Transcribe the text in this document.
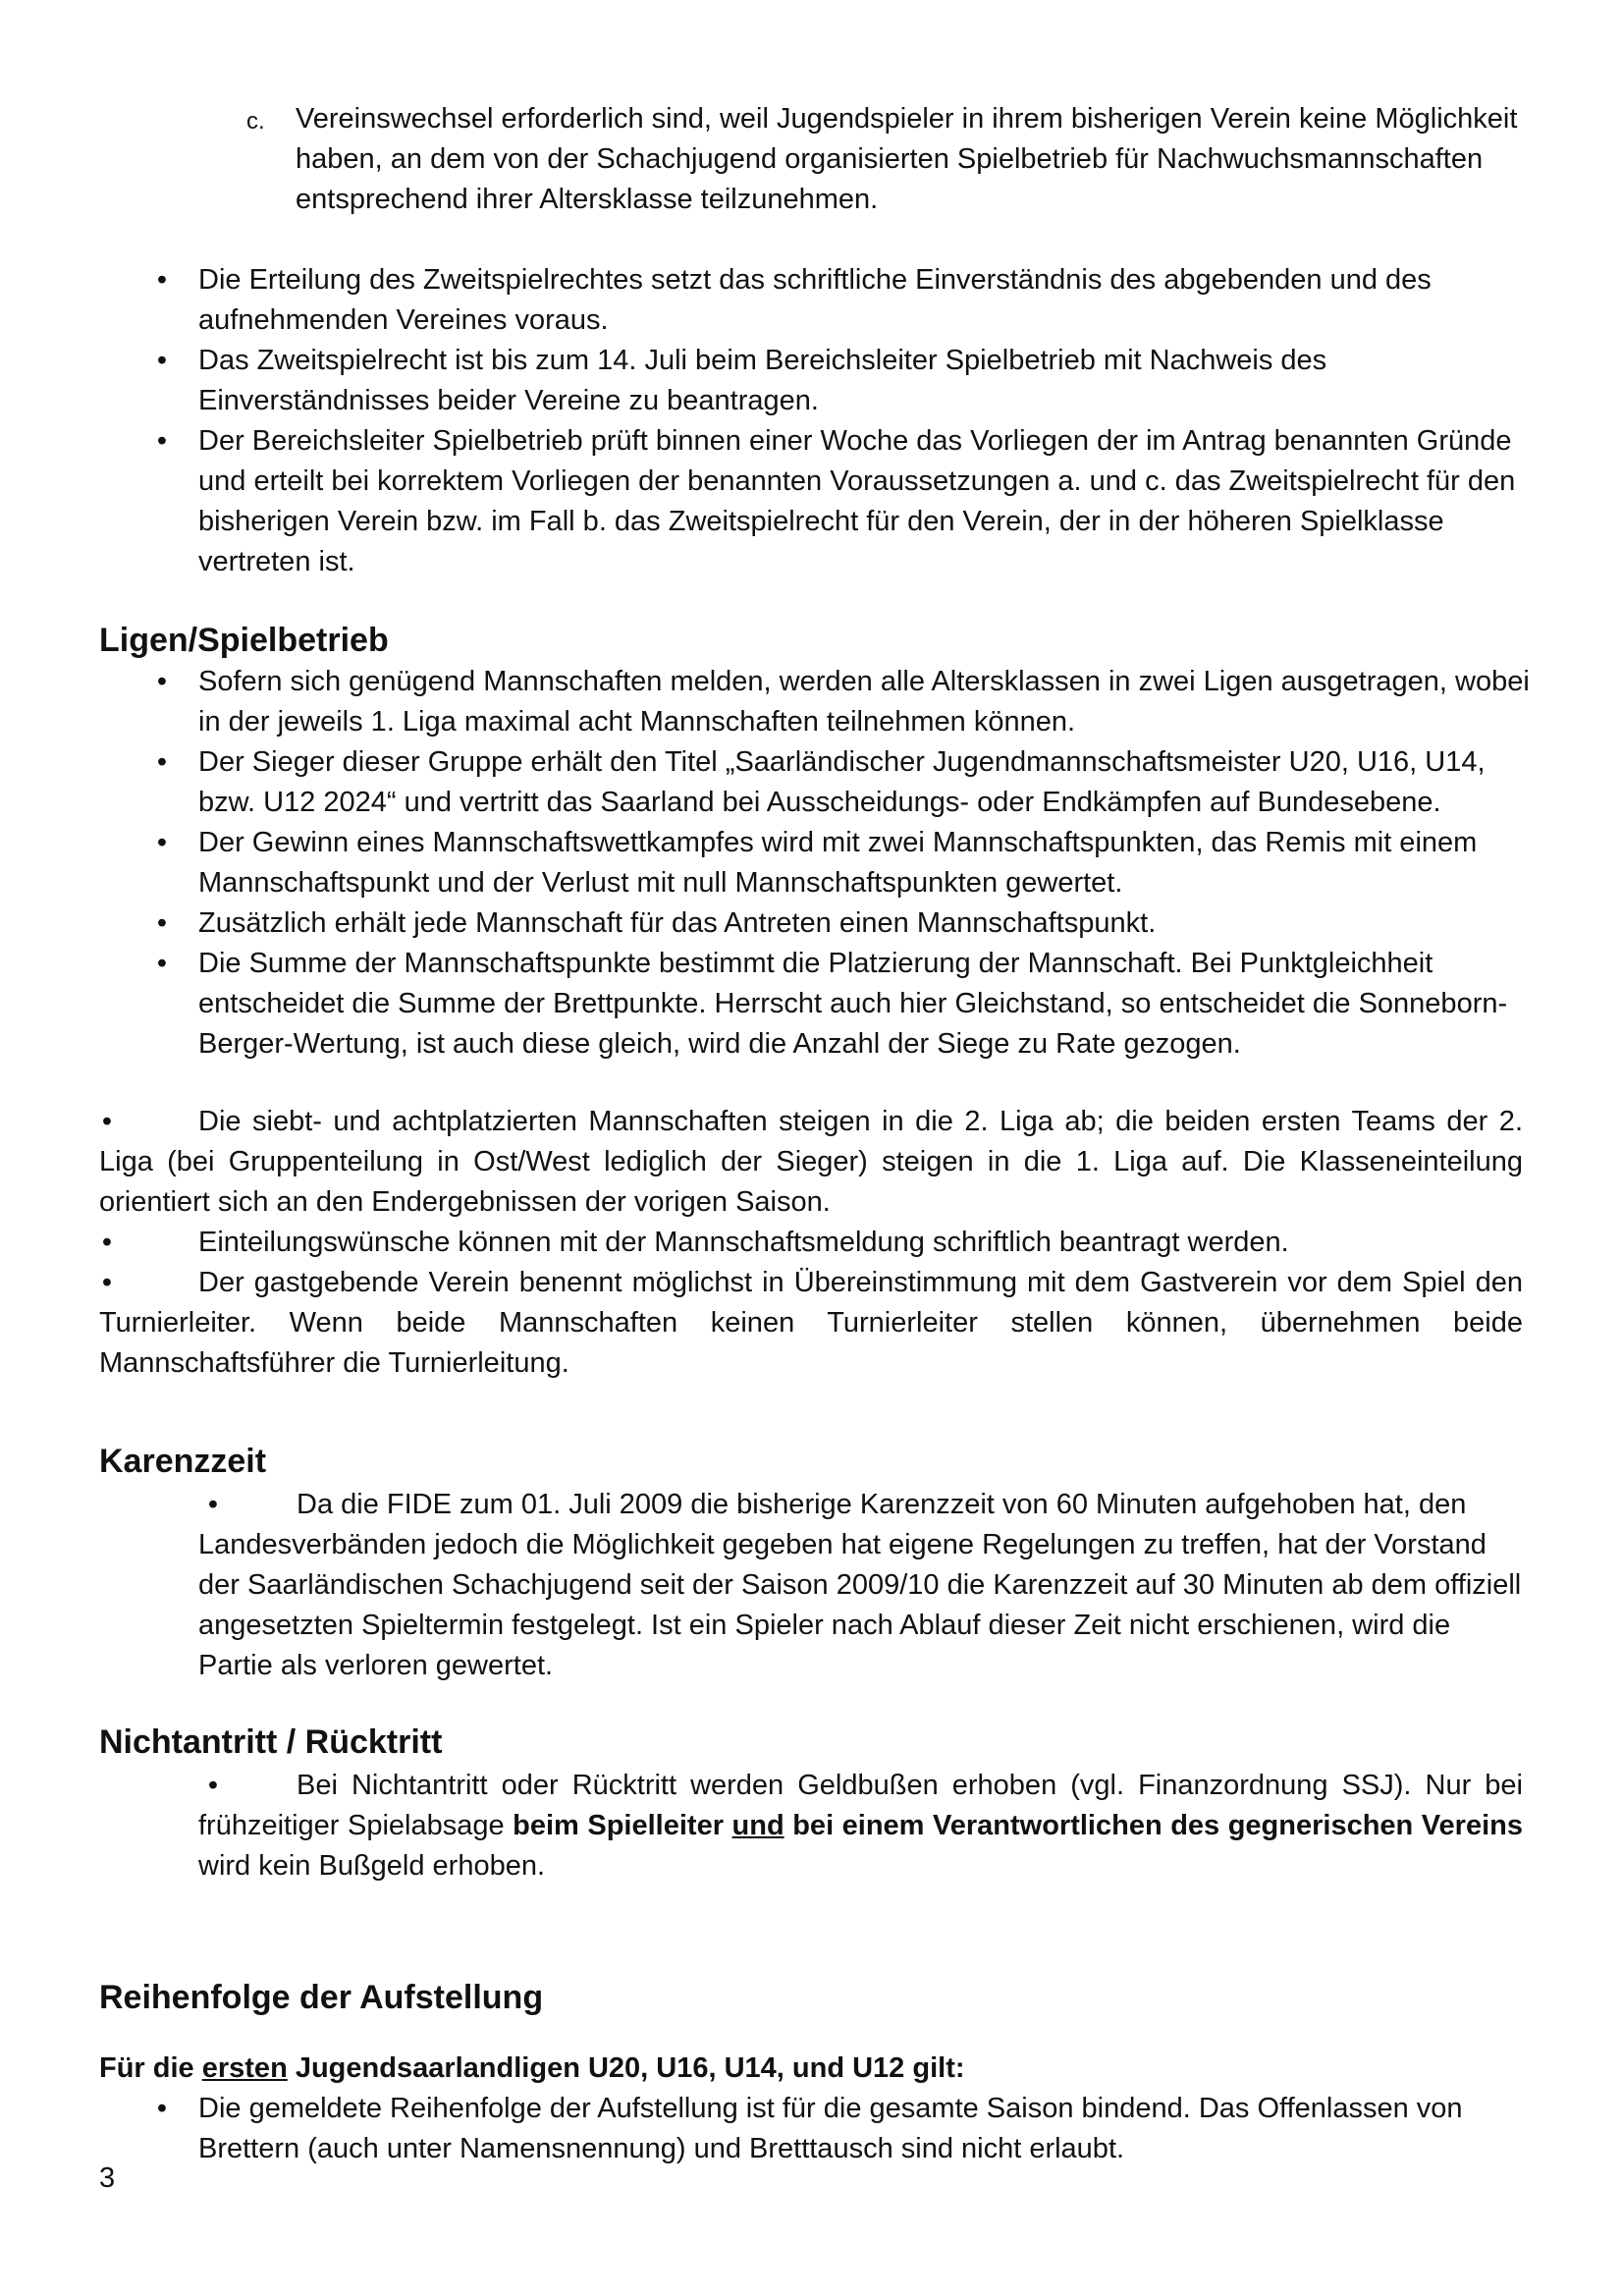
c. Vereinswechsel erforderlich sind, weil Jugendspieler in ihrem bisherigen Verein keine Möglichkeit haben, an dem von der Schachjugend organisierten Spielbetrieb für Nachwuchsmannschaften entsprechend ihrer Altersklasse teilzunehmen.
•	Die Erteilung des Zweitspielrechtes setzt das schriftliche Einverständnis des abgebenden und des aufnehmenden Vereines voraus.
•	Das Zweitspielrecht ist bis zum 14. Juli beim Bereichsleiter Spielbetrieb mit Nachweis des Einverständnisses beider Vereine zu beantragen.
•	Der Bereichsleiter Spielbetrieb prüft binnen einer Woche das Vorliegen der im Antrag benannten Gründe und erteilt bei korrektem Vorliegen der benannten Voraussetzungen a. und c. das Zweitspielrecht für den bisherigen Verein bzw. im Fall b. das Zweitspielrecht für den Verein, der in der höheren Spielklasse vertreten ist.
Ligen/Spielbetrieb
•	Sofern sich genügend Mannschaften melden, werden alle Altersklassen in zwei Ligen ausgetragen, wobei in der jeweils 1. Liga maximal acht Mannschaften teilnehmen können.
•	Der Sieger dieser Gruppe erhält den Titel „Saarländischer Jugendmannschaftsmeister U20, U16, U14, bzw. U12 2024“ und vertritt das Saarland bei Ausscheidungs- oder Endkämpfen auf Bundesebene.
•	Der Gewinn eines Mannschaftswettkampfes wird mit zwei Mannschaftspunkten, das Remis mit einem Mannschaftspunkt und der Verlust mit null Mannschaftspunkten gewertet.
•	Zusätzlich erhält jede Mannschaft für das Antreten einen Mannschaftspunkt.
•	Die Summe der Mannschaftspunkte bestimmt die Platzierung der Mannschaft. Bei Punktgleichheit entscheidet die Summe der Brettpunkte. Herrscht auch hier Gleichstand, so entscheidet die Sonneborn-Berger-Wertung, ist auch diese gleich, wird die Anzahl der Siege zu Rate gezogen.

•	Die siebt- und achtplatzierten Mannschaften steigen in die 2. Liga ab; die beiden ersten Teams der 2. Liga (bei Gruppenteilung in Ost/West lediglich der Sieger) steigen in die 1. Liga auf. Die Klasseneinteilung orientiert sich an den Endergebnissen der vorigen Saison.

•	Einteilungswünsche können mit der Mannschaftsmeldung schriftlich beantragt werden.

•	Der gastgebende Verein benennt möglichst in Übereinstimmung mit dem Gastverein vor dem Spiel den Turnierleiter. Wenn beide Mannschaften keinen Turnierleiter stellen können, übernehmen beide Mannschaftsführer die Turnierleitung.

Karenzzeit

•	Da die FIDE zum 01. Juli 2009 die bisherige Karenzzeit von 60 Minuten aufgehoben hat, den Landesverbänden jedoch die Möglichkeit gegeben hat eigene Regelungen zu treffen, hat der Vorstand der Saarländischen Schachjugend seit der Saison 2009/10 die Karenzzeit auf 30 Minuten ab dem offiziell angesetzten Spieltermin festgelegt. Ist ein Spieler nach Ablauf dieser Zeit nicht erschienen, wird die Partie als verloren gewertet.

Nichtantritt / Rücktritt

•	Bei Nichtantritt oder Rücktritt werden Geldbußen erhoben (vgl. Finanzordnung SSJ). Nur bei frühzeitiger Spielabsage beim Spielleiter und bei einem Verantwortlichen des gegnerischen Vereins wird kein Bußgeld erhoben.

Reihenfolge der Aufstellung
Für die ersten Jugendsaarlandligen U20, U16, U14, und U12 gilt:
•	Die gemeldete Reihenfolge der Aufstellung ist für die gesamte Saison bindend. Das Offenlassen von Brettern (auch unter Namensnennung) und Bretttausch sind nicht erlaubt.
3
